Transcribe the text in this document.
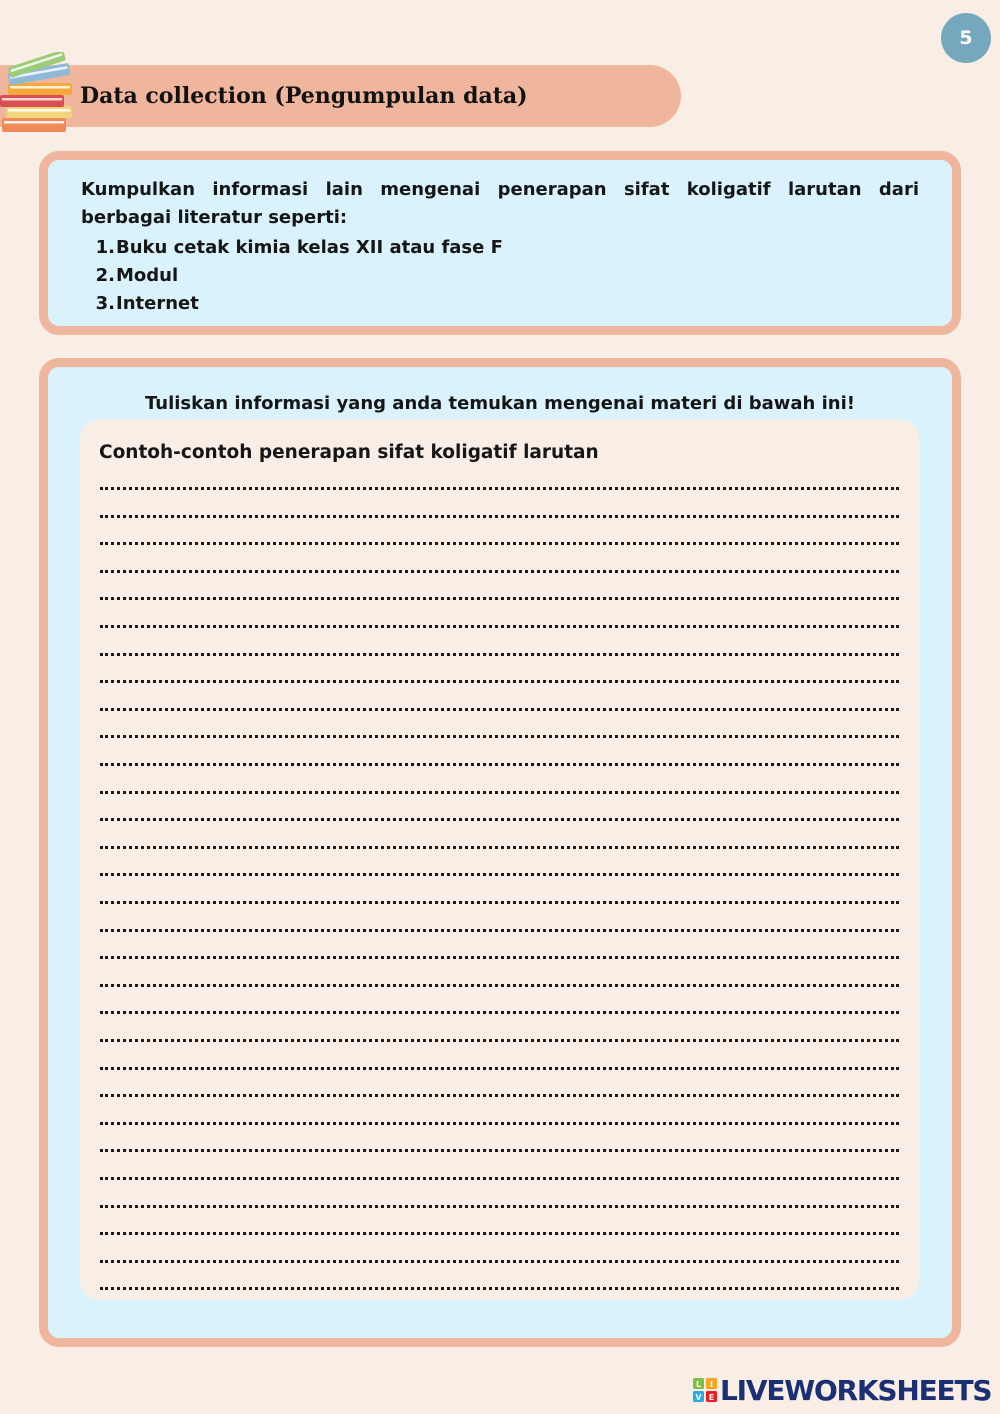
5
Data collection (Pengumpulan data)
Kumpulkan informasi lain mengenai penerapan sifat koligatif larutan dari berbagai literatur seperti:
1. Buku cetak kimia kelas XII atau fase F
2. Modul
3. Internet
Tuliskan informasi yang anda temukan mengenai materi di bawah ini!
Contoh-contoh penerapan sifat koligatif larutan
L I
V E LIVEWORKSHEETS
